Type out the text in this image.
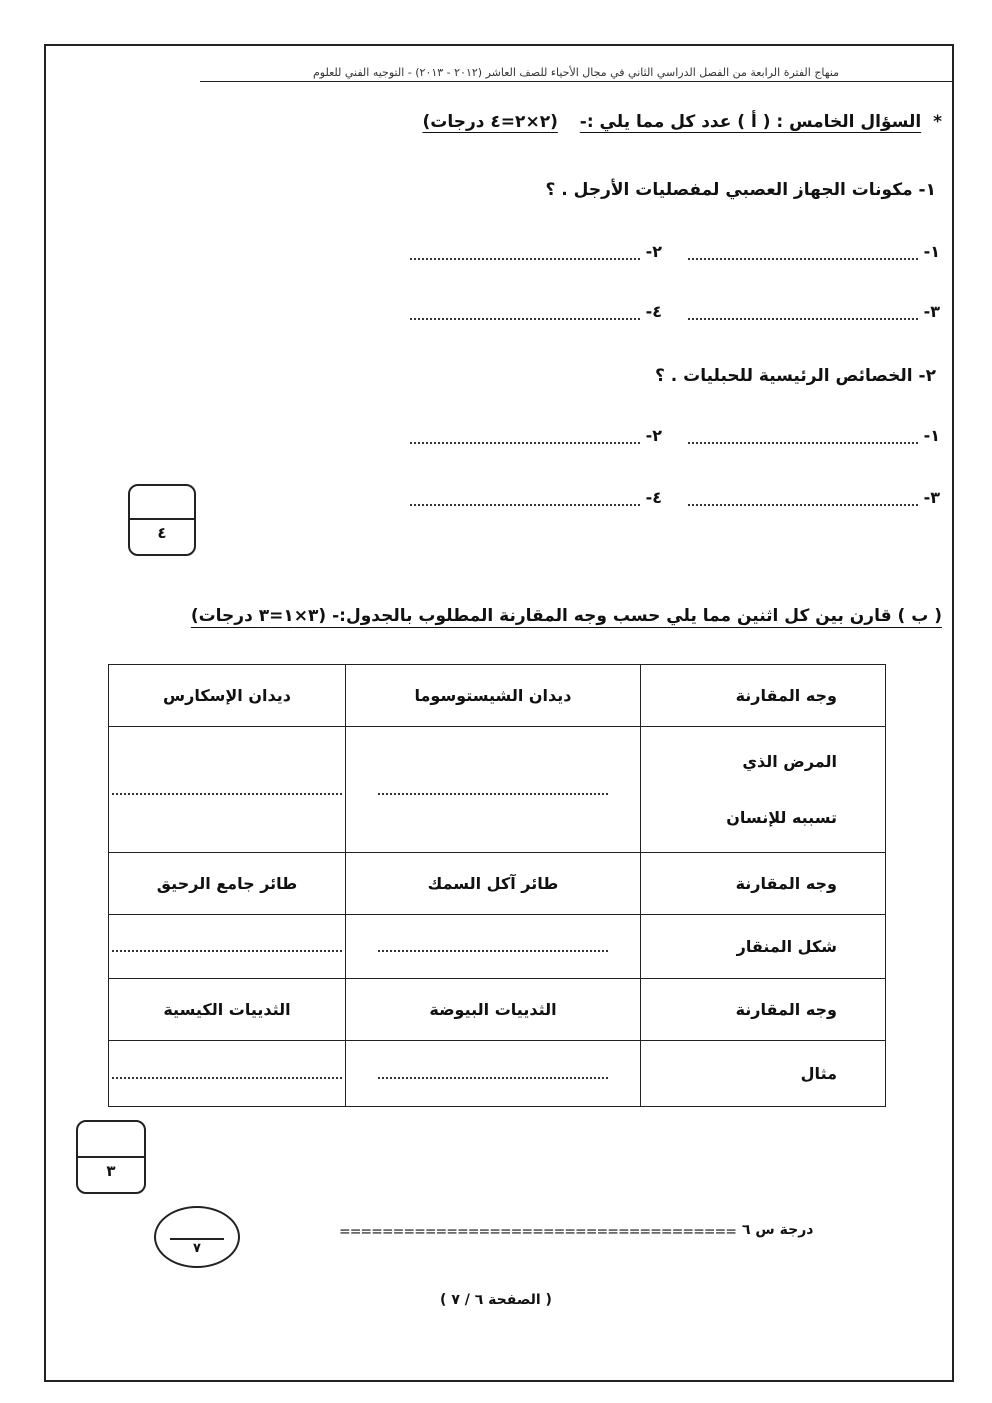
منهاج الفترة الرابعة من الفصل الدراسي الثاني في مجال الأحياء للصف العاشر (٢٠١٢ - ٢٠١٣) - التوجيه الفني للعلوم
* السؤال الخامس : ( أ ) عدد كل مما يلي :- (٢×٢=٤ درجات)
١- مكونات الجهاز العصبي لمفصليات الأرجل . ؟
١-
٢-
٣-
٤-
٢- الخصائص الرئيسية للحبليات . ؟
١-
٢-
٣-
٤-
٤
( ب ) قارن بين كل اثنين مما يلي حسب وجه المقارنة المطلوب بالجدول:- (٣×١=٣ درجات)
وجه المقارنة	ديدان الشيستوسوما	ديدان الإسكارس

المرض الذي
تسببه للإنسان		

وجه المقارنة	طائر آكل السمك	طائر جامع الرحيق
شكل المنقار		
وجه المقارنة	الثدييات البيوضة	الثدييات الكيسية
مثال		
٣
٧
===================================== درجة س ٦
( الصفحة ٦ / ٧ )
